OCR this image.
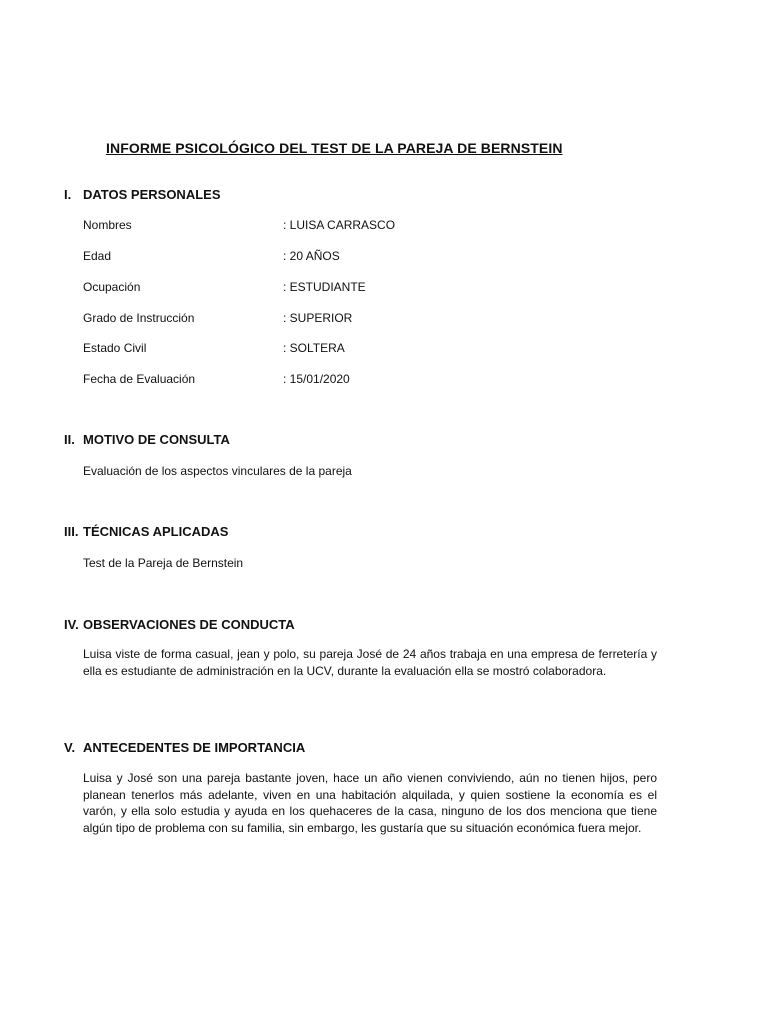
INFORME PSICOLÓGICO DEL TEST DE LA PAREJA DE BERNSTEIN
I. DATOS PERSONALES
Nombres	: LUISA CARRASCO
Edad	: 20 AÑOS
Ocupación	: ESTUDIANTE
Grado de Instrucción	: SUPERIOR
Estado Civil	: SOLTERA
Fecha de Evaluación	: 15/01/2020
II. MOTIVO DE CONSULTA
Evaluación de los aspectos vinculares de la pareja
III. TÉCNICAS APLICADAS
Test de la Pareja de Bernstein
IV. OBSERVACIONES DE CONDUCTA
Luisa viste de forma casual, jean y polo, su pareja José de 24 años trabaja en una empresa de ferretería y ella es estudiante de administración en la UCV, durante la evaluación ella se mostró colaboradora.
V. ANTECEDENTES DE IMPORTANCIA
Luisa y José son una pareja bastante joven, hace un año vienen conviviendo, aún no tienen hijos, pero planean tenerlos más adelante, viven en una habitación alquilada, y quien sostiene la economía es el varón, y ella solo estudia y ayuda en los quehaceres de la casa, ninguno de los dos menciona que tiene algún tipo de problema con su familia, sin embargo, les gustaría que su situación económica fuera mejor.
